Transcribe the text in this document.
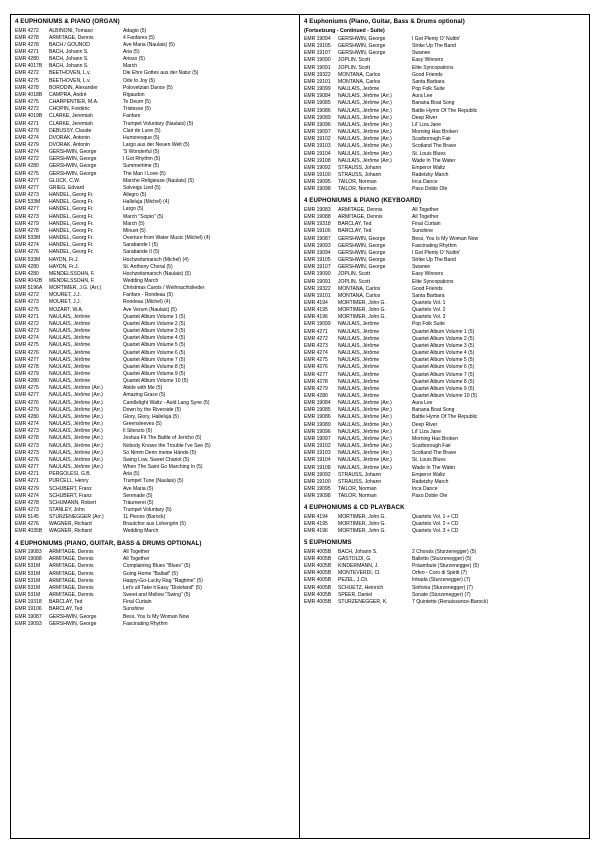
4 EUPHONIUMS & PIANO (ORGAN)
EMR 4272	ALBINONI, Tomaso	Adagio (5)
EMR 4278	ARMITAGE, Dennis	4 Fanfares (5)
EMR 4278	BACH / GOUNOD	Ave Maria (Naulais) (5)
EMR 4271	BACH, Johann S.	Aria (5)
EMR 4280	BACH, Johann S.	Arioso (5)
EMR 4017B	BACH, Johann S.	March
EMR 4272	BEETHOVEN, L.v.	Die Ehre Gottes aus der Natur (5)
EMR 4275	BEETHOVEN, L.v.	Ode to Joy (5)
EMR 4278	BORODIN, Alexander	Polovetzian Dance (5)
EMR 4018B	CAMPRA, André	Rigaudon
EMR 4275	CHARPENTIER, M.A.	Te Deum (5)
EMR 4272	CHOPIN, Frédéric	Tristesse (5)
EMR 4019B	CLARKE, Jeremiah	Fanfare
EMR 4271	CLARKE, Jeremiah	Trumpet Voluntary (Naulais) (5)
EMR 4279	DEBUSSY, Claude	Clair de Lune (5)
EMR 4274	DVORAK, Antonin	Humoresque (5)
EMR 4279	DVORAK, Antonin	Largo aus der Neuen Welt (5)
EMR 4274	GERSHWIN, George	'S Wonderful (5)
EMR 4272	GERSHWIN, George	I Got Rhythm (5)
EMR 4280	GERSHWIN, George	Summertime (5)
EMR 4275	GERSHWIN, George	The Man I Love (5)
EMR 4277	GLUCK, C.W.	Marche Religieuse (Naulais) (5)
EMR 4277	GRIEG, Edvard	Solveigs Lied (5)
EMR 4273	HÄNDEL, Georg Fr.	Allegro (5)
EMR 533M	HÄNDEL, Georg Fr.	Halleluja (Michel) (4)
EMR 4277	HÄNDEL, Georg Fr.	Largo (5)
EMR 4273	HÄNDEL, Georg Fr.	March "Scipio" (5)
EMR 4279	HÄNDEL, Georg Fr.	March (5)
EMR 4278	HÄNDEL, Georg Fr.	Minuet (5)
EMR 533M	HÄNDEL, Georg Fr.	Overture from Water Music (Michel) (4)
EMR 4274	HÄNDEL, Georg Fr.	Sarabande I (5)
EMR 4276	HÄNDEL, Georg Fr.	Sarabande II (5)
EMR 533M	HAYDN, Fr.J.	Hochzeitsmarsch (Michel) (4)
EMR 4280	HAYDN, Fr.J.	St. Anthony Choral (5)
EMR 4280	MENDELSSOHN, F.	Hochzeitsmarsch (Naulais) (5)
EMR 4042B	MENDELSSOHN, F.	Wedding March
EMR 5196A	MORTIMER, J.G. (Arr.)	Christmas Carols / Weihnachtslieder
EMR 4272	MOURET, J.J.	Fanfare - Rondeau (5)
EMR 4273	MOURET, J.J.	Rondeau (Michel) (4)
EMR 4275	MOZART, W.A.	Ave Verum (Naulais) (5)
EMR 4271	NAULAIS, Jérôme	Quartet Album Volume 1 (5)
EMR 4272	NAULAIS, Jérôme	Quartet Album Volume 2 (5)
EMR 4273	NAULAIS, Jérôme	Quartet Album Volume 3 (5)
EMR 4274	NAULAIS, Jérôme	Quartet Album Volume 4 (5)
EMR 4275	NAULAIS, Jérôme	Quartet Album Volume 5 (5)
EMR 4276	NAULAIS, Jérôme	Quartet Album Volume 6 (5)
EMR 4277	NAULAIS, Jérôme	Quartet Album Volume 7 (5)
EMR 4278	NAULAIS, Jérôme	Quartet Album Volume 8 (5)
EMR 4279	NAULAIS, Jérôme	Quartet Album Volume 9 (5)
EMR 4280	NAULAIS, Jérôme	Quartet Album Volume 10 (5)
EMR 4275	NAULAIS, Jérôme (Arr.)	Abide with Me (5)
EMR 4277	NAULAIS, Jérôme (Arr.)	Amazing Grace (5)
EMR 4276	NAULAIS, Jérôme (Arr.)	Candlelight Waltz - Auld Lang Syne (5)
EMR 4279	NAULAIS, Jérôme (Arr.)	Down by the Riverside (5)
EMR 4280	NAULAIS, Jérôme (Arr.)	Glory, Glory, Halleluja (5)
EMR 4274	NAULAIS, Jérôme (Arr.)	Greensleeves (5)
EMR 4273	NAULAIS, Jérôme (Arr.)	Il Silenzio (5)
EMR 4278	NAULAIS, Jérôme (Arr.)	Joshua Fit The Battle of Jericho (5)
EMR 4273	NAULAIS, Jérôme (Arr.)	Nobody Knows the Trouble I've See (5)
EMR 4273	NAULAIS, Jérôme (Arr.)	So Nimm Denn meine Hände (5)
EMR 4276	NAULAIS, Jérôme (Arr.)	Swing Low, Sweet Chariot (5)
EMR 4277	NAULAIS, Jérôme (Arr.)	When The Saint Go Marching In (5)
EMR 4271	PERGOLESI, G.B.	Aria (5)
EMR 4271	PURCELL, Henry	Trumpet Tune (Naulais) (5)
EMR 4279	SCHUBERT, Franz	Ave Maria (5)
EMR 4274	SCHUBERT, Franz	Serenade (5)
EMR 4278	SCHUMANN, Robert	Träumerei (5)
EMR 4273	STANLEY, John	Trumpet Voluntary (5)
EMR 5145	STURZENEGGER (Arr.)	11 Pieces (Barock)
EMR 4276	WAGNER, Richard	Brautchor aus Lohengrin (5)
EMR 4035B	WAGNER, Richard	Wedding March
4 EUPHONIUMS (PIANO, GUITAR, BASS & DRUMS OPTIONAL)
EMR 19083	ARMITAGE, Dennis	All Together
EMR 19088	ARMITAGE, Dennis	All Together
EMR 531M	ARMITAGE, Dennis	Complaining Blues "Blues" (5)
EMR 531M	ARMITAGE, Dennis	Going Home "Ballad" (5)
EMR 531M	ARMITAGE, Dennis	Happy-Go-Lucky Rag "Ragtime" (5)
EMR 531M	ARMITAGE, Dennis	Let's all Take it Easy "Dixieland" (5)
EMR 531M	ARMITAGE, Dennis	Sweet and Mellow "Swing" (5)
EMR 19318	BARCLAY, Ted	Final Curtain
EMR 19106	BARCLAY, Ted	Sunshine
EMR 19087	GERSHWIN, George	Bess, You Is My Woman Now
EMR 19093	GERSHWIN, George	Fascinating Rhythm
4 Euphoniums (Piano, Guitar, Bass & Drums optional)
(Fortsetzung - Continued - Suite)
EMR 19094	GERSHWIN, George	I Got Plenty O' Nuttin'
EMR 19105	GERSHWIN, George	Strike Up The Band
EMR 19107	GERSHWIN, George	Swanee
EMR 19090	JOPLIN, Scott	Easy Winners
EMR 19091	JOPLIN, Scott	Elite Syncopations
EMR 19322	MONTANA, Carlos	Good Friends
EMR 19101	MONTANA, Carlos	Santa Barbara
EMR 19099	NAULAIS, Jerôme	Pop Folk Suite
EMR 19084	NAULAIS, Jérôme (Arr.)	Aura Lee
EMR 19085	NAULAIS, Jérôme (Arr.)	Banana Boat Song
EMR 19086	NAULAIS, Jérôme (Arr.)	Battle Hymn Of The Republic
EMR 19089	NAULAIS, Jérôme (Arr.)	Deep River
EMR 19096	NAULAIS, Jérôme (Arr.)	Lil' Liza Jane
EMR 19097	NAULAIS, Jérôme (Arr.)	Morning Has Broken
EMR 19102	NAULAIS, Jérôme (Arr.)	Scarborough Fair
EMR 19103	NAULAIS, Jérôme (Arr.)	Scotland The Brave
EMR 19104	NAULAIS, Jérôme (Arr.)	St. Louis Blues
EMR 19108	NAULAIS, Jérôme (Arr.)	Wade In The Water
EMR 19092	STRAUSS, Johann	Emperor Waltz
EMR 19100	STRAUSS, Johann	Radetzky March
EMR 19095	TAILOR, Norman	Inca Dance
EMR 19098	TAILOR, Norman	Paso Doble Ole
4 EUPHONIUMS & PIANO (KEYBOARD)
EMR 19083	ARMITAGE, Dennis	All Together
EMR 19088	ARMITAGE, Dennis	All Together
EMR 19318	BARCLAY, Ted	Final Curtain
EMR 19106	BARCLAY, Ted	Sunshine
EMR 19087	GERSHWIN, George	Bess, You Is My Woman Now
EMR 19093	GERSHWIN, George	Fascinating Rhythm
EMR 19094	GERSHWIN, George	I Got Plenty O' Nuttin'
EMR 19105	GERSHWIN, George	Strike Up The Band
EMR 19107	GERSHWIN, George	Swanee
EMR 19090	JOPLIN, Scott	Easy Winners
EMR 19091	JOPLIN, Scott	Elite Syncopations
EMR 19322	MONTANA, Carlos	Good Friends
EMR 19101	MONTANA, Carlos	Santa Barbara
EMR 4194	MORTIMER, John G.	Quartets Vol. 1
EMR 4195	MORTIMER, John G.	Quartets Vol. 2
EMR 4196	MORTIMER, John G.	Quartets Vol. 3
EMR 19099	NAULAIS, Jerôme	Pop Folk Suite
EMR 4271	NAULAIS, Jérôme	Quartet Album Volume 1 (5)
EMR 4272	NAULAIS, Jérôme	Quartet Album Volume 2 (5)
EMR 4273	NAULAIS, Jérôme	Quartet Album Volume 3 (5)
EMR 4274	NAULAIS, Jérôme	Quartet Album Volume 4 (5)
EMR 4275	NAULAIS, Jérôme	Quartet Album Volume 5 (5)
EMR 4276	NAULAIS, Jérôme	Quartet Album Volume 6 (5)
EMR 4277	NAULAIS, Jérôme	Quartet Album Volume 7 (5)
EMR 4278	NAULAIS, Jérôme	Quartet Album Volume 8 (5)
EMR 4279	NAULAIS, Jérôme	Quartet Album Volume 9 (5)
EMR 4280	NAULAIS, Jérôme	Quartet Album Volume 10 (5)
EMR 19084	NAULAIS, Jérôme (Arr.)	Aura Lee
EMR 19085	NAULAIS, Jérôme (Arr.)	Banana Boat Song
EMR 19086	NAULAIS, Jérôme (Arr.)	Battle Hymn Of The Republic
EMR 19089	NAULAIS, Jérôme (Arr.)	Deep River
EMR 19096	NAULAIS, Jérôme (Arr.)	Lil' Liza Jane
EMR 19097	NAULAIS, Jérôme (Arr.)	Morning Has Broken
EMR 19102	NAULAIS, Jérôme (Arr.)	Scarborough Fair
EMR 19103	NAULAIS, Jérôme (Arr.)	Scotland The Brave
EMR 19104	NAULAIS, Jérôme (Arr.)	St. Louis Blues
EMR 19108	NAULAIS, Jérôme (Arr.)	Wade In The Water
EMR 19092	STRAUSS, Johann	Emperor Waltz
EMR 19100	STRAUSS, Johann	Radetzky March
EMR 19095	TAILOR, Norman	Inca Dance
EMR 19098	TAILOR, Norman	Paso Doble Ole
4 EUPHONIUMS & CD PLAYBACK
EMR 4194	MORTIMER, John G.	Quartets Vol. 1 + CD
EMR 4195	MORTIMER, John G.	Quartets Vol. 2 + CD
EMR 4196	MORTIMER, John G.	Quartets Vol. 3 + CD
5 EUPHONIUMS
EMR 4005B	BACH, Johann S.	2 Chorals (Sturzenegger) (5)
EMR 4005B	GASTOLDI, G.	Balletto (Sturzenegger) (5)
EMR 4005B	KINDERMANN, J.	Präambule (Sturzenegger) (5)
EMR 4005B	MONTEVERDI, Cl.	Orfeo - Coro di Spiriti (7)
EMR 4005B	PEZEL, J.Ch.	Intrada (Sturzenegger) (7)
EMR 4005B	SCHUETZ, Heinrich	Sinfonia (Sturzenegger) (7)
EMR 4005B	SPEER, Daniel	Sonate (Sturzenegger) (7)
EMR 4005B	STURZENEGGER, K.	7 Quintette (Renaissance-Barock)
